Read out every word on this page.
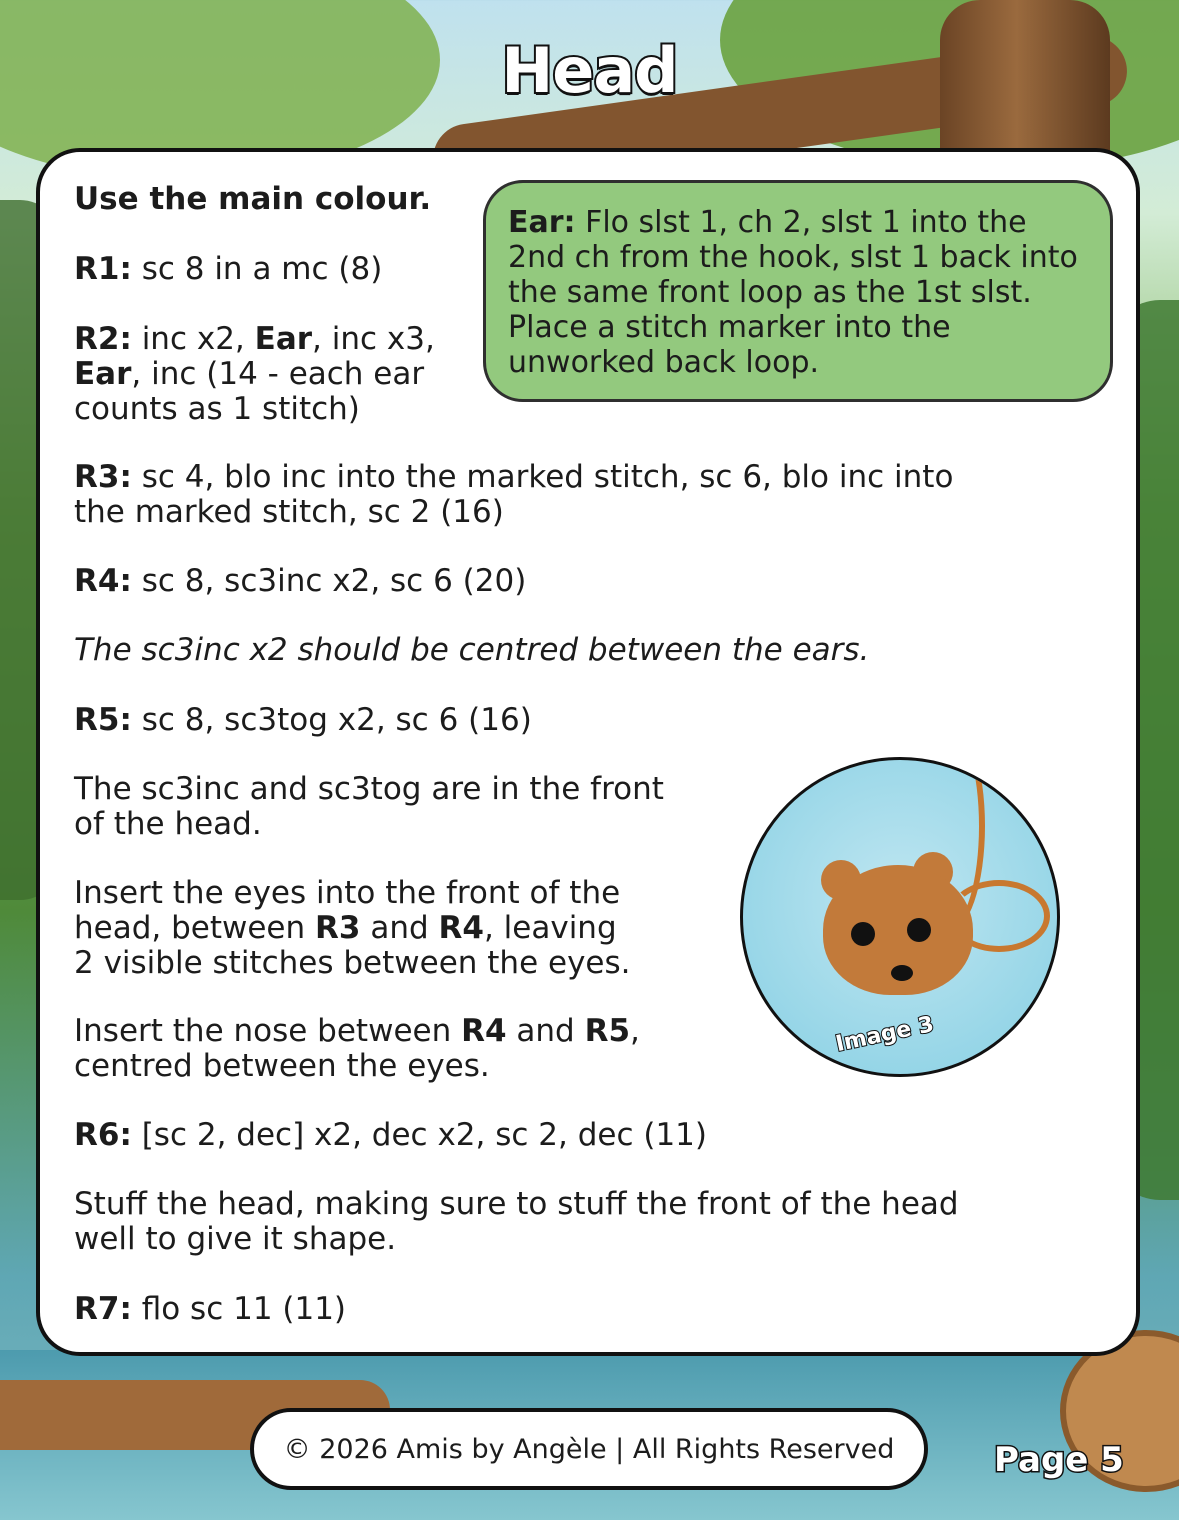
Head

Use the main colour.

R1: sc 8 in a mc (8)

R2: inc x2, Ear, inc x3,
Ear, inc (14 - each ear
counts as 1 stitch)

Ear: Flo slst 1, ch 2, slst 1 into the 2nd ch from the hook, slst 1 back into the same front loop as the 1st slst. Place a stitch marker into the unworked back loop.

R3: sc 4, blo inc into the marked stitch, sc 6, blo inc into
the marked stitch, sc 2 (16)

R4: sc 8, sc3inc x2, sc 6 (20)

The sc3inc x2 should be centred between the ears.

R5: sc 8, sc3tog x2, sc 6 (16)

The sc3inc and sc3tog are in the front
of the head.

Insert the eyes into the front of the
head, between R3 and R4, leaving
2 visible stitches between the eyes.

Insert the nose between R4 and R5,
centred between the eyes.

R6: [sc 2, dec] x2, dec x2, sc 2, dec (11)

Stuff the head, making sure to stuff the front of the head
well to give it shape.

R7: flo sc 11 (11)

Image 3
© 2026 Amis by Angèle | All Rights Reserved	Page 5
